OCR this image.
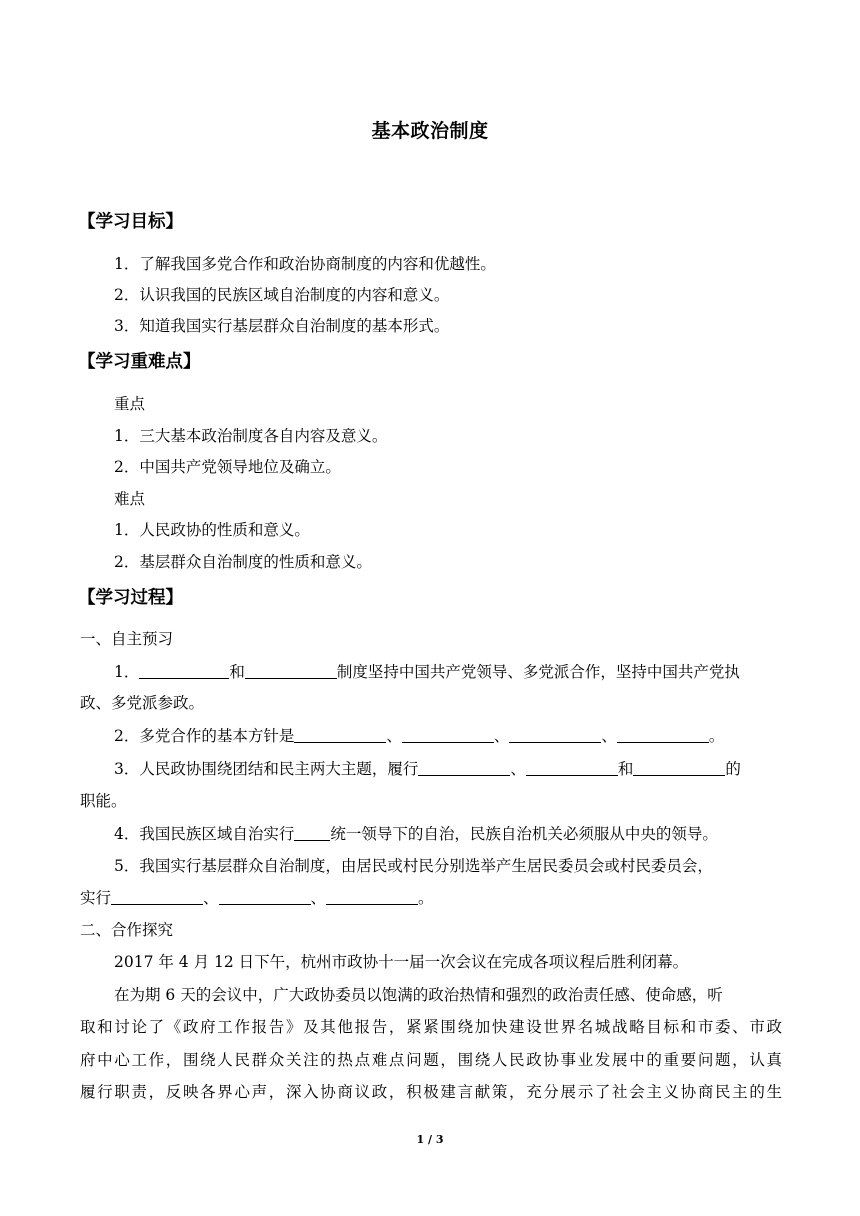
基本政治制度
【学习目标】
1．了解我国多党合作和政治协商制度的内容和优越性。
2．认识我国的民族区域自治制度的内容和意义。
3．知道我国实行基层群众自治制度的基本形式。
【学习重难点】
重点
1．三大基本政治制度各自内容及意义。
2．中国共产党领导地位及确立。
难点
1．人民政协的性质和意义。
2．基层群众自治制度的性质和意义。
【学习过程】
一、自主预习
1．	和	制度坚持中国共产党领导、多党派合作，坚持中国共产党执
政、多党派参政。
2．多党合作的基本方针是	、	、	、	。
3．人民政协围绕团结和民主两大主题，履行	、	和	的
职能。
4．我国民族区域自治实行 统一领导下的自治，民族自治机关必须服从中央的领导。
5．我国实行基层群众自治制度，由居民或村民分别选举产生居民委员会或村民委员会，
实行	、	、	。
二、合作探究
2017 年 4 月 12 日下午，杭州市政协十一届一次会议在完成各项议程后胜利闭幕。
在为期 6 天的会议中，广大政协委员以饱满的政治热情和强烈的政治责任感、使命感，听
取和讨论了《政府工作报告》及其他报告，紧紧围绕加快建设世界名城战略目标和市委、市政
府中心工作，围绕人民群众关注的热点难点问题，围绕人民政协事业发展中的重要问题，认真
履行职责，反映各界心声，深入协商议政，积极建言献策，充分展示了社会主义协商民主的生
1 / 3
